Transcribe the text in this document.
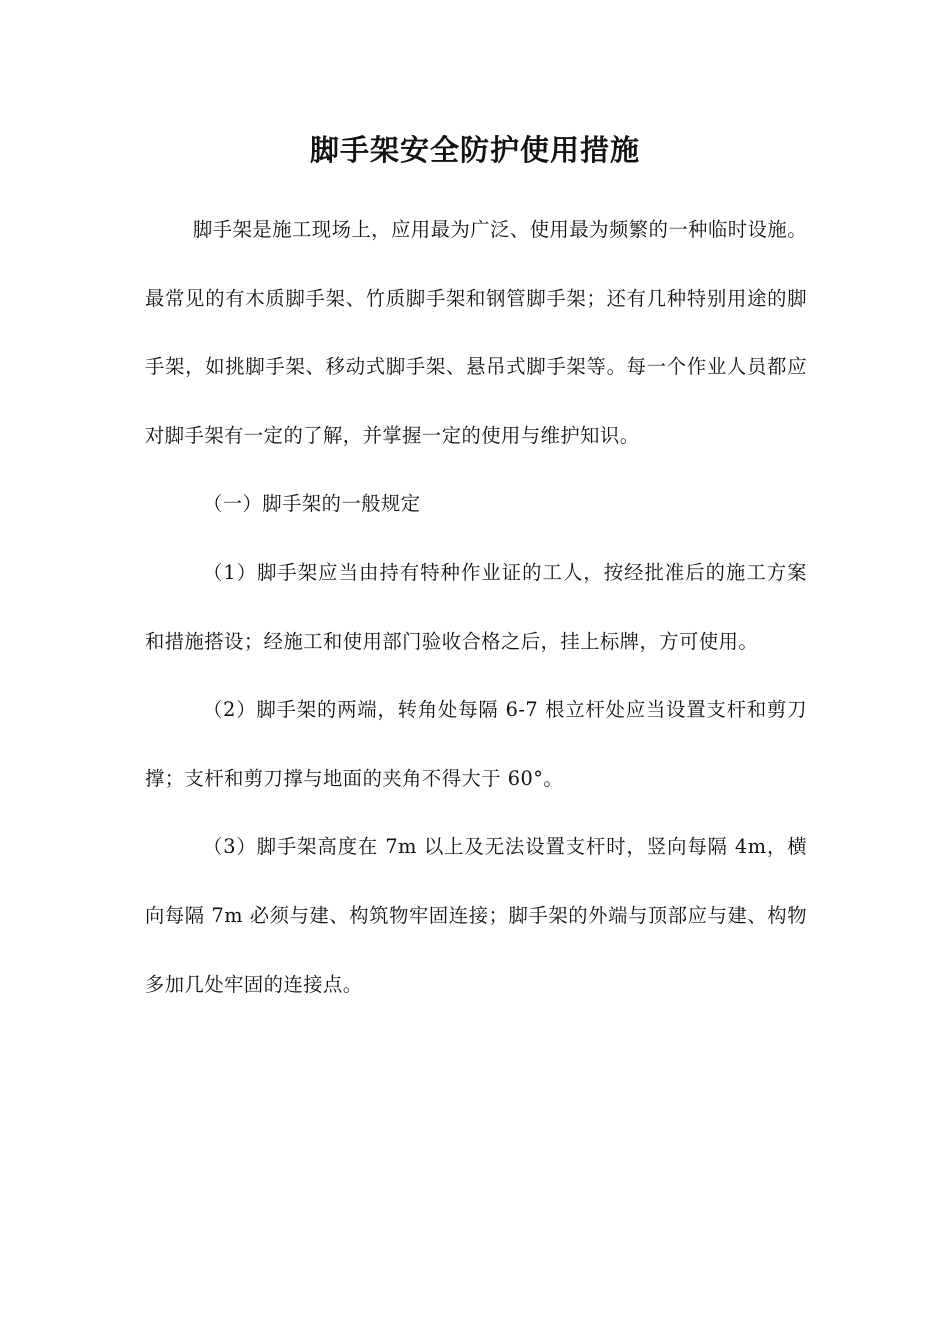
脚手架安全防护使用措施

脚手架是施工现场上，应用最为广泛、使用最为频繁的一种临时设施。最常见的有木质脚手架、竹质脚手架和钢管脚手架；还有几种特别用途的脚手架，如挑脚手架、移动式脚手架、悬吊式脚手架等。每一个作业人员都应对脚手架有一定的了解，并掌握一定的使用与维护知识。

（一）脚手架的一般规定

（1）脚手架应当由持有特种作业证的工人，按经批准后的施工方案和措施搭设；经施工和使用部门验收合格之后，挂上标牌，方可使用。

（2）脚手架的两端，转角处每隔 6-7 根立杆处应当设置支杆和剪刀撑；支杆和剪刀撑与地面的夹角不得大于 60°。

（3）脚手架高度在 7m 以上及无法设置支杆时，竖向每隔 4m，横向每隔 7m 必须与建、构筑物牢固连接；脚手架的外端与顶部应与建、构物多加几处牢固的连接点。
